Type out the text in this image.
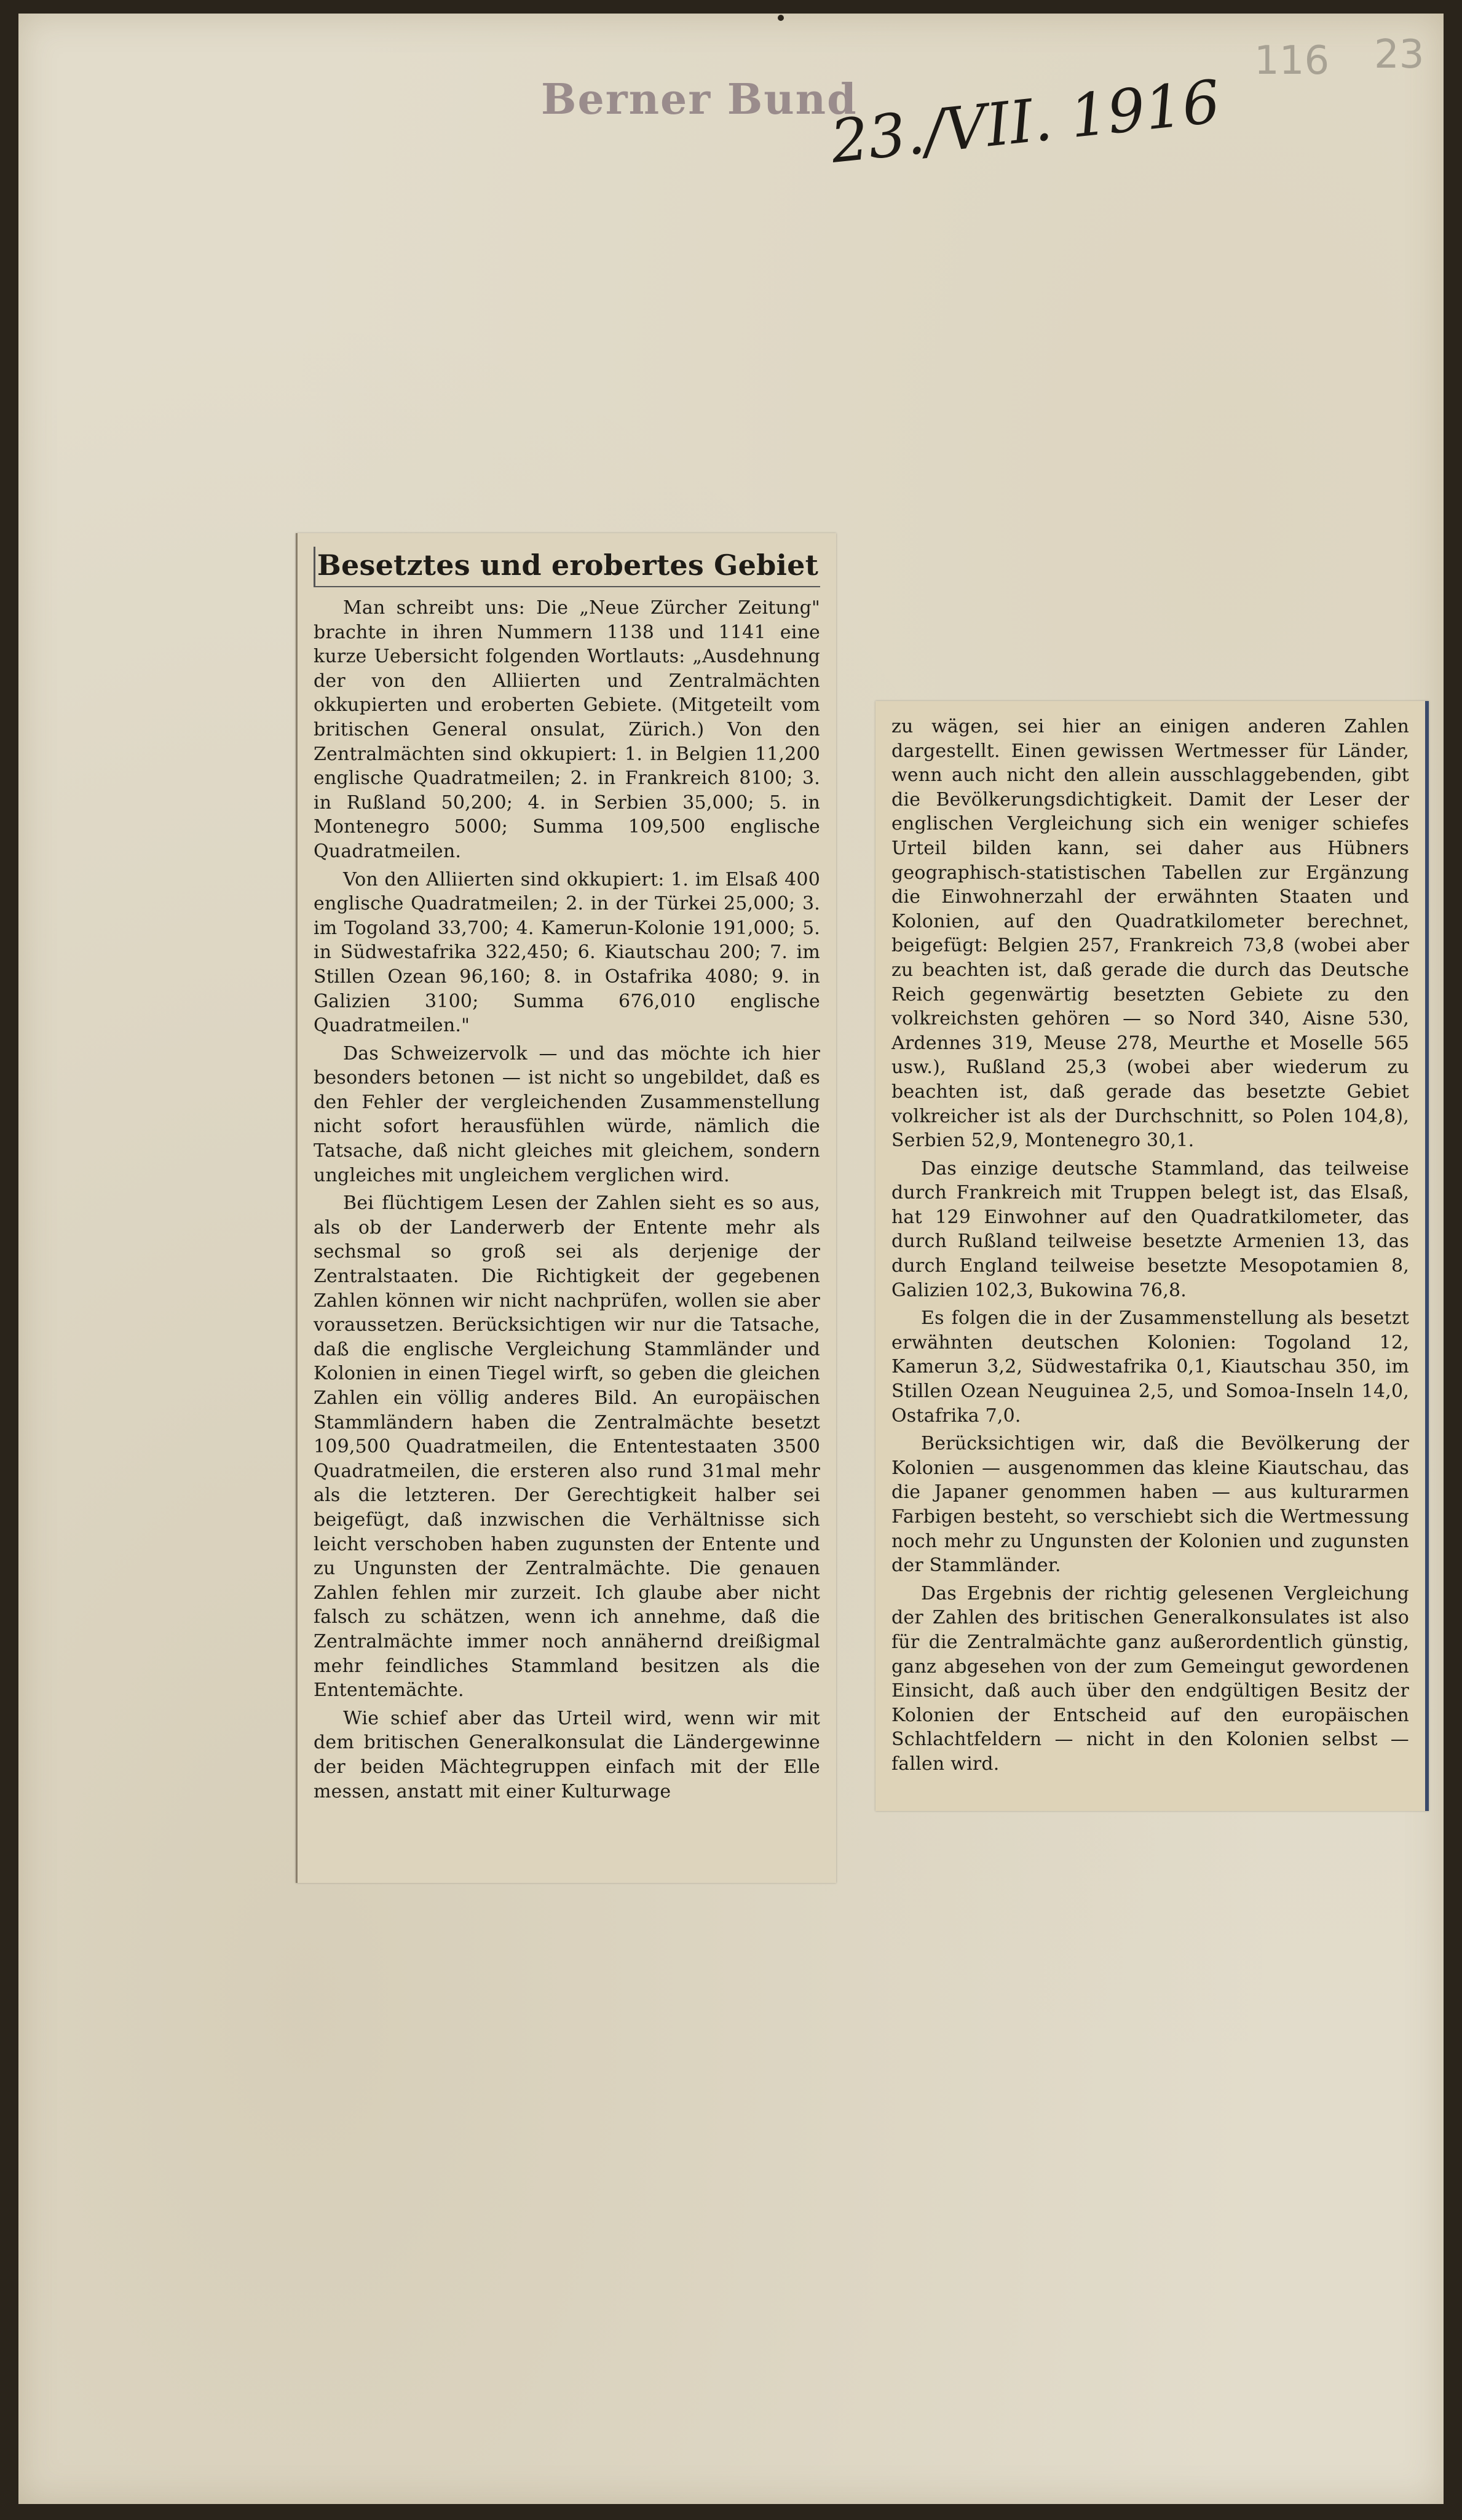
Berner Bund
23./VII. 1916
116 23
Besetztes und erobertes Gebiet
Man schreibt uns: Die „Neue Zürcher Zeitung" brachte in ihren Nummern 1138 und 1141 eine kurze Uebersicht folgenden Wortlauts: „Ausdehnung der von den Alliierten und Zentralmächten okkupierten und eroberten Gebiete. (Mitgeteilt vom britischen General onsulat, Zürich.) Von den Zentralmächten sind okkupiert: 1. in Belgien 11,200 englische Quadratmeilen; 2. in Frankreich 8100; 3. in Rußland 50,200; 4. in Serbien 35,000; 5. in Montenegro 5000; Summa 109,500 englische Quadratmeilen.
Von den Alliierten sind okkupiert: 1. im Elsaß 400 englische Quadratmeilen; 2. in der Türkei 25,000; 3. im Togoland 33,700; 4. Kamerun-Kolonie 191,000; 5. in Südwestafrika 322,450; 6. Kiautschau 200; 7. im Stillen Ozean 96,160; 8. in Ostafrika 4080; 9. in Galizien 3100; Summa 676,010 englische Quadratmeilen."
Das Schweizervolk — und das möchte ich hier besonders betonen — ist nicht so ungebildet, daß es den Fehler der vergleichenden Zusammenstellung nicht sofort herausfühlen würde, nämlich die Tatsache, daß nicht gleiches mit gleichem, sondern ungleiches mit ungleichem verglichen wird.
Bei flüchtigem Lesen der Zahlen sieht es so aus, als ob der Landerwerb der Entente mehr als sechsmal so groß sei als derjenige der Zentralstaaten. Die Richtigkeit der gegebenen Zahlen können wir nicht nachprüfen, wollen sie aber voraussetzen. Berücksichtigen wir nur die Tatsache, daß die englische Vergleichung Stammländer und Kolonien in einen Tiegel wirft, so geben die gleichen Zahlen ein völlig anderes Bild. An europäischen Stammländern haben die Zentralmächte besetzt 109,500 Quadratmeilen, die Ententestaaten 3500 Quadratmeilen, die ersteren also rund 31mal mehr als die letzteren. Der Gerechtigkeit halber sei beigefügt, daß inzwischen die Verhältnisse sich leicht verschoben haben zugunsten der Entente und zu Ungunsten der Zentralmächte. Die genauen Zahlen fehlen mir zurzeit. Ich glaube aber nicht falsch zu schätzen, wenn ich annehme, daß die Zentralmächte immer noch annähernd dreißigmal mehr feindliches Stammland besitzen als die Ententemächte.
Wie schief aber das Urteil wird, wenn wir mit dem britischen Generalkonsulat die Ländergewinne der beiden Mächtegruppen einfach mit der Elle messen, anstatt mit einer Kulturwage
zu wägen, sei hier an einigen anderen Zahlen dargestellt. Einen gewissen Wertmesser für Länder, wenn auch nicht den allein ausschlaggebenden, gibt die Bevölkerungsdichtigkeit. Damit der Leser der englischen Vergleichung sich ein weniger schiefes Urteil bilden kann, sei daher aus Hübners geographisch-statistischen Tabellen zur Ergänzung die Einwohnerzahl der erwähnten Staaten und Kolonien, auf den Quadratkilometer berechnet, beigefügt: Belgien 257, Frankreich 73,8 (wobei aber zu beachten ist, daß gerade die durch das Deutsche Reich gegenwärtig besetzten Gebiete zu den volkreichsten gehören — so Nord 340, Aisne 530, Ardennes 319, Meuse 278, Meurthe et Moselle 565 usw.), Rußland 25,3 (wobei aber wiederum zu beachten ist, daß gerade das besetzte Gebiet volkreicher ist als der Durchschnitt, so Polen 104,8), Serbien 52,9, Montenegro 30,1.
Das einzige deutsche Stammland, das teilweise durch Frankreich mit Truppen belegt ist, das Elsaß, hat 129 Einwohner auf den Quadratkilometer, das durch Rußland teilweise besetzte Armenien 13, das durch England teilweise besetzte Mesopotamien 8, Galizien 102,3, Bukowina 76,8.
Es folgen die in der Zusammenstellung als besetzt erwähnten deutschen Kolonien: Togoland 12, Kamerun 3,2, Südwestafrika 0,1, Kiautschau 350, im Stillen Ozean Neuguinea 2,5, und Somoa-Inseln 14,0, Ostafrika 7,0.
Berücksichtigen wir, daß die Bevölkerung der Kolonien — ausgenommen das kleine Kiautschau, das die Japaner genommen haben — aus kulturarmen Farbigen besteht, so verschiebt sich die Wertmessung noch mehr zu Ungunsten der Kolonien und zugunsten der Stammländer.
Das Ergebnis der richtig gelesenen Vergleichung der Zahlen des britischen Generalkonsulates ist also für die Zentralmächte ganz außerordentlich günstig, ganz abgesehen von der zum Gemeingut gewordenen Einsicht, daß auch über den endgültigen Besitz der Kolonien der Entscheid auf den europäischen Schlachtfeldern — nicht in den Kolonien selbst — fallen wird.
